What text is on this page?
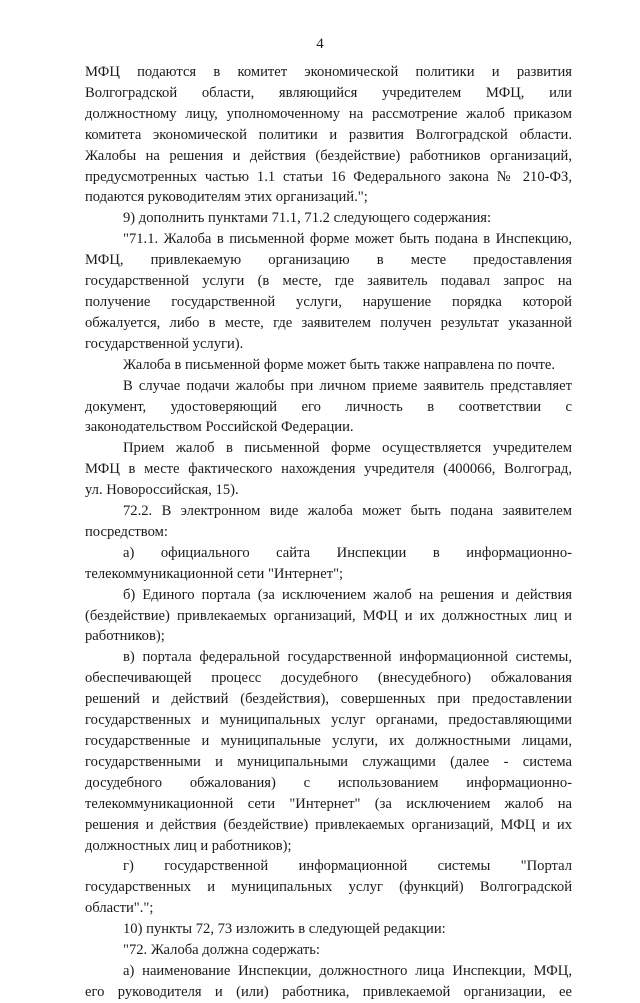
4

МФЦ подаются в комитет экономической политики и развития

Волгоградской области, являющийся учредителем МФЦ, или

должностному лицу, уполномоченному на рассмотрение жалоб приказом

комитета экономической политики и развития Волгоградской области.

Жалобы на решения и действия (бездействие) работников организаций,

предусмотренных частью 1.1 статьи 16 Федерального закона № 210-ФЗ,

подаются руководителям этих организаций.";

9) дополнить пунктами 71.1, 71.2 следующего содержания:

"71.1. Жалоба в письменной форме может быть подана в Инспекцию,

МФЦ, привлекаемую организацию в месте предоставления

государственной услуги (в месте, где заявитель подавал запрос на

получение государственной услуги, нарушение порядка которой

обжалуется, либо в месте, где заявителем получен результат указанной

государственной услуги).

Жалоба в письменной форме может быть также направлена по почте.

В случае подачи жалобы при личном приеме заявитель представляет

документ, удостоверяющий его личность в соответствии с

законодательством Российской Федерации.

Прием жалоб в письменной форме осуществляется учредителем

МФЦ в месте фактического нахождения учредителя (400066, Волгоград,

ул. Новороссийская, 15).

72.2. В электронном виде жалоба может быть подана заявителем

посредством:

а) официального сайта Инспекции в информационно-

телекоммуникационной сети "Интернет";

б) Единого портала (за исключением жалоб на решения и действия

(бездействие) привлекаемых организаций, МФЦ и их должностных лиц и

работников);

в) портала федеральной государственной информационной системы,

обеспечивающей процесс досудебного (внесудебного) обжалования

решений и действий (бездействия), совершенных при предоставлении

государственных и муниципальных услуг органами, предоставляющими

государственные и муниципальные услуги, их должностными лицами,

государственными и муниципальными служащими (далее - система

досудебного обжалования) с использованием информационно-

телекоммуникационной сети "Интернет" (за исключением жалоб на

решения и действия (бездействие) привлекаемых организаций, МФЦ и их

должностных лиц и работников);

г) государственной информационной системы "Портал

государственных и муниципальных услуг (функций) Волгоградской

области".";

10) пункты 72, 73 изложить в следующей редакции:

"72. Жалоба должна содержать:

а) наименование Инспекции, должностного лица Инспекции, МФЦ,

его руководителя и (или) работника, привлекаемой организации, ее
